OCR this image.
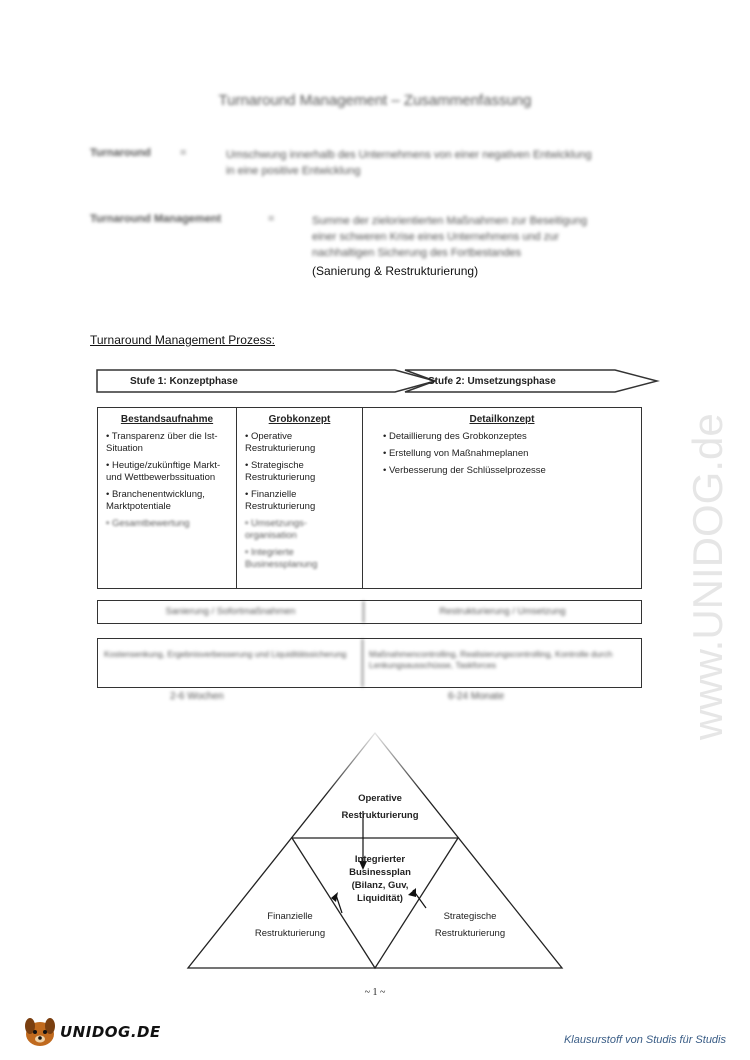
Turnaround Management – Zusammenfassung
Turnaround	=	Umschwung innerhalb des Unternehmens von einer negativen Entwicklung
in eine positive Entwicklung
Turnaround Management	=	Summe der zielorientierten Maßnahmen zur Beseitigung
einer schweren Krise eines Unternehmens und zur
nachhaltigen Sicherung des Fortbestandes
(Sanierung & Restrukturierung)
Turnaround Management Prozess:
Stufe 1: Konzeptphase	Stufe 2: Umsetzungsphase
Bestandsaufnahme
• Transparenz über die Ist-Situation
• Heutige/zukünftige Markt- und Wettbewerbssituation
• Branchenentwicklung, Marktpotentiale
• Gesamtbewertung
Grobkonzept
• Operative Restrukturierung
• Strategische Restrukturierung
• Finanzielle Restrukturierung
• Umsetzungs-organisation
• Integrierte Businessplanung
Detailkonzept
• Detaillierung des Grobkonzeptes
• Erstellung von Maßnahmeplanen
• Verbesserung der Schlüsselprozesse
Sanierung / Sofortmaßnahmen	Restrukturierung / Umsetzung
Kostensenkung, Ergebnisverbesserung und Liquiditätssicherung	Maßnahmencontrolling, Realisierungscontrolling, Kontrolle durch Lenkungsausschüsse, Taskforces
2-6 Wochen	6-24 Monate
Operative
Restrukturierung
Integrierter
Businessplan
(Bilanz, Guv,
Liquidität)
Finanzielle
Restrukturierung
Strategische
Restrukturierung
~ 1 ~
www.UNIDOG.de
UNIDOG.DE	Klausurstoff von Studis für Studis
